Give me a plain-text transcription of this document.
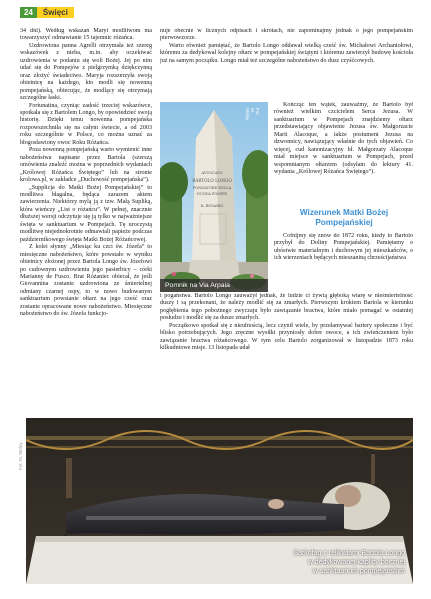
24	Święci

34 dni). Według wskazań Maryi modlitwom ma towarzyszyć odmawianie 15 tajemnic różańca.

Uzdrowiona panna Agrelli otrzymała też szereg wskazówek z nieba, m.in. aby oczekiwać uzdrowienia w podaniu się woli Bożej. Jej po nim udać się do Pompejów z pielgrzymką dziękczynną oraz złożyć świadectwo. Maryja rozszerzyła swoją obietnicę na każdego, kto modli się nowenną pompejańską, obiecując, że modlący się otrzymają szczególne łaski.

Fortunatina, czyniąc zadość trzeciej wskazówce, spotkała się z Bartolem Longo, by opowiedzieć swoją historię. Dzięki temu nowenna pompejańska rozpowszechniła się na całym świecie, a od 2003 roku szczególnie w Polsce, co można uznać za błogosławiony owoc Roku Różańca.

Poza nowenną pompejańską warto wymienić inne nabożeństwa napisane przez Bartola (szerszą omówienia znaleźć można w poprzednich wydaniach „Królowej Różańca Świętego” lub na stronie krolowa.pl, w zakładce „Duchowość pompejańska”).

„Supplicja do Matki Bożej Pompejańskiej” to modlitwa błagalna, będąca zarazem aktem zawierzenia. Niektórzy mylą ją z tzw. Małą Supliką, która wieńczy „List o różańcu”. W pełnej, znacznie dłuższej wersji odczytuje się ją tylko w najważniejsze święta w sanktuarium w Pompejach. Tę uroczystą modlitwę niejednokrotnie odmawiali papieże podczas październikowego święta Matki Bożej Różańcowej.

Z kolei słynny „Miesiąc ku czci św. Józefa” to miesięczne nabożeństwo, które powstało w wyniku obietnicy złożonej przez Bartola Longo św. Józefowi po cudownym uzdrowieniu jego pasierbicy – córki Marianny de Fusco. Brat Różaniec obiecał, że jeśli Giovannina zostanie uzdrowiona ze śmiertelnej odmiany czarnej ospy, to w nowo budowanym sanktuarium powstanie ołtarz na jego cześć oraz zostanie opracowane nowe nabożeństwo. Miesięczne nabożeństwo do św. Józefa funkcjo-

nuje obecnie w licznych odpisach i skrótach, nie zapominajmy jednak o jego pompejańskim pierwowzorze.

Warto również pamiętać, że Bartolo Longo oddawał wielką cześć św. Michałowi Archaniołowi, któremu za dedykował kolejny ołtarz w pompejańskiej świątyni i któremu zawierzył budowę kościoła już na samym początku. Longo miał też szczególne nabożeństwo do dusz czyśćcowych.

AVVOCATO
BARTOLO LONGO
FONDATORE DELLA
NUOVA POMPEI
IL ROSARIO
Pomnik na Via Arpaia
Fot. M. Wolny

Kończąc ten wątek, zauważmy, że Bartolo był również wielkim czcicielem Serca Jezusa. W sanktuarium w Pompejach znajdziemy ołtarz przedstawiający objawienie Jezusa św. Małgorzacie Marii Alacoque, a także postument Jezusa na dzwonnicy, nawiązujący właśnie do tych objawień. Co więcej, cud kanonizacyjny bł. Małgorzaty Alacoque miał miejsce w sanktuarium w Pompejach, przed wspomnianym ołtarzem (odsyłam do lektury 41. wydania „Królowej Różańca Świętego”).

Wizerunek Matki Bożej Pompejańskiej

Cofnijmy się znów do 1872 roku, kiedy to Bartolo przybył do Doliny Pompejańskiej. Pamiętamy o ubóstwie materialnym i duchowym jej mieszkańców, o ich wierzeniach będących mieszaniną chrześcijaństwa

i pogaństwa. Bartolo Longo zauważył jednak, że ludzie ci żywią głęboką wiarę w nieśmiertelność duszy i są przekonani, że należy modlić się za zmarłych. Pierwszym krokiem Bartola w kierunku pogłębienia tego pobożnego zwyczaju było zawiązanie bractwa, które miało pomagać w ostatniej posłudze i modlić się za dusze zmarłych.

Początkowo spotkał się z nieufnością, lecz czynił wiele, by przełamywać bariery społeczne i być blisko potrzebujących. Jego zręczne wysiłki przyniosły dobre owoce, a ich zwieńczeniem było zawiązanie bractwa różańcowego. W tym celu Bartolo zorganizował w listopadzie 1873 roku kilkudniowe misje. 13 listopada udał

Sarkofag z relikwiami Bartola Longo
w dedykowanej kaplicy bocznej
w sanktuarium pompejańskim
Fot. M. Wolny
